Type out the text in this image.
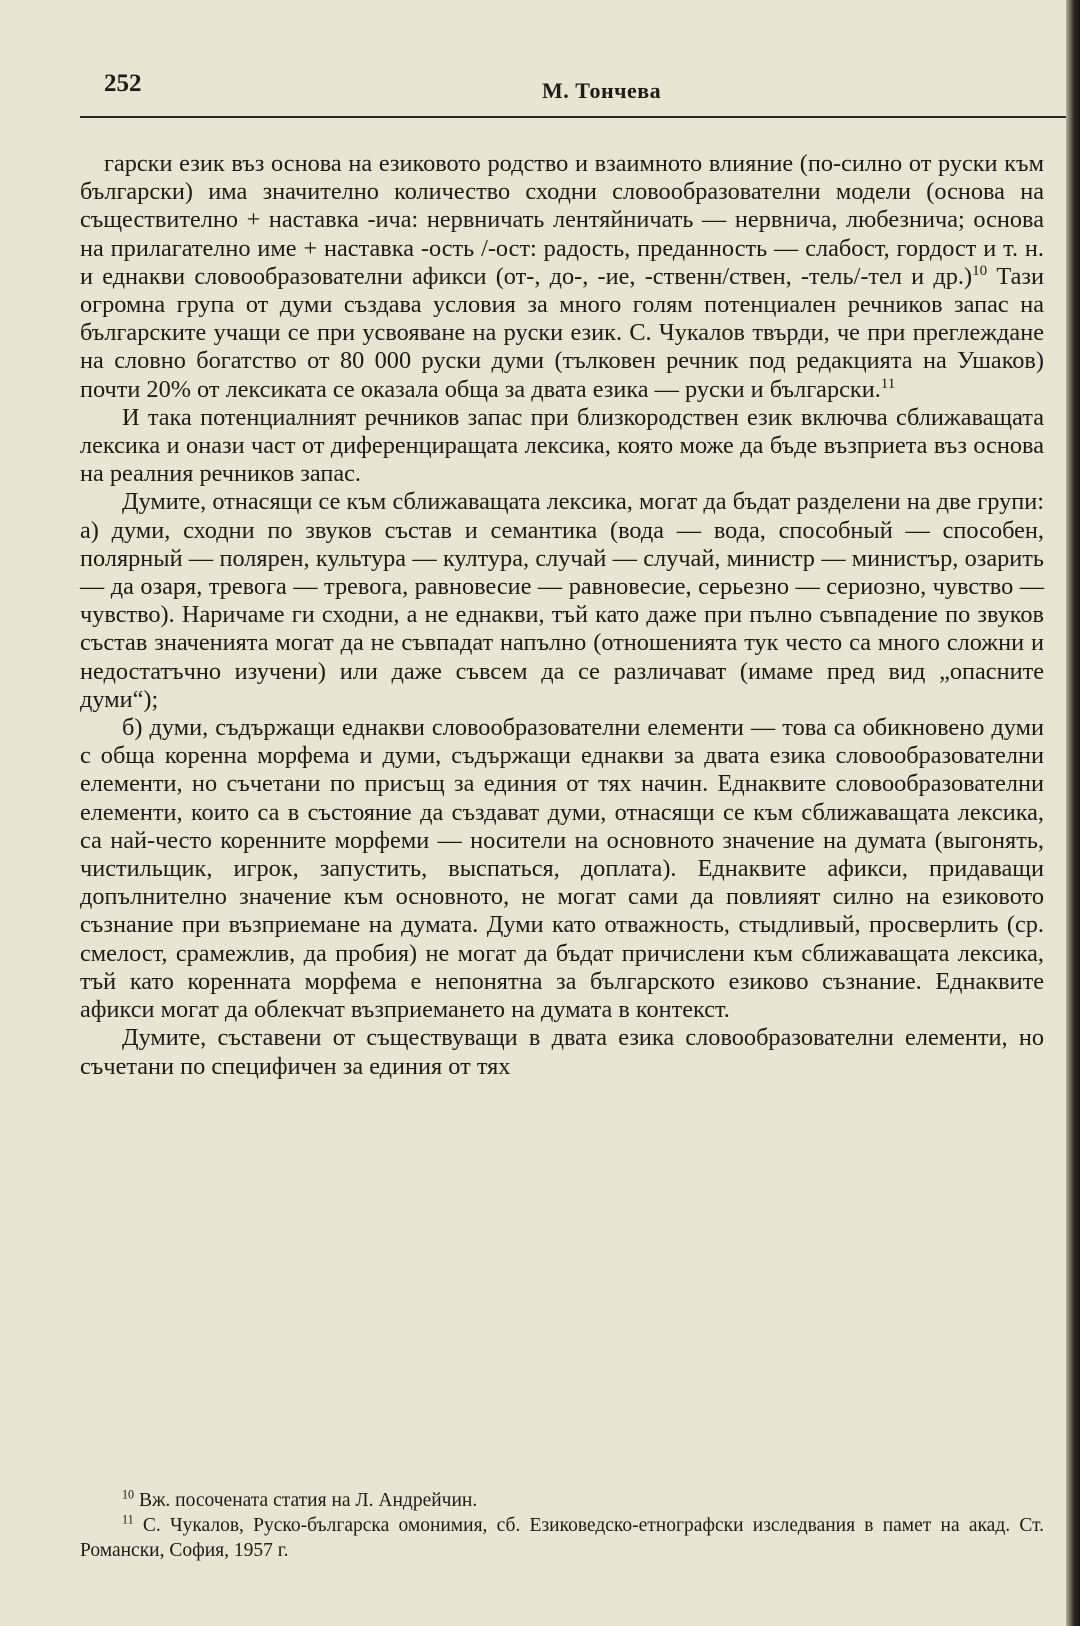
252	М. Тончева

гарски език въз основа на езиковото родство и взаимното влияние (по-силно от руски към български) има значително количество сходни словообразователни модели (основа на съществително + наставка -ича: нервничать лентяйничать — нервнича, любезнича; основа на прилагателно име + наставка -ость /-ост: радость, преданность — слабост, гордост и т. н. и еднакви словообразователни афикси (от-, до-, -ие, -ственн/ствен, -тель/-тел и др.)$^{10}$ Тази огромна група от думи създава условия за много голям потенциален речников запас на българските учащи се при усвояване на руски език. С. Чукалов твърди, че при преглеждане на словно богатство от 80 000 руски думи (тълковен речник под редакцията на Ушаков) почти 20% от лексиката се оказала обща за двата езика — руски и български.$^{11}$

И така потенциалният речников запас при близкородствен език включва сближаващата лексика и онази част от диференциращата лексика, която може да бъде възприета въз основа на реалния речников запас.

Думите, отнасящи се към сближаващата лексика, могат да бъдат разделени на две групи: а) думи, сходни по звуков състав и семантика (вода — вода, способный — способен, полярный — полярен, культура — култура, случай — случай, министр — министър, озарить — да озаря, тревога — тревога, равновесие — равновесие, серьезно — сериозно, чувство — чувство). Наричаме ги сходни, а не еднакви, тъй като даже при пълно съвпадение по звуков състав значенията могат да не съвпадат напълно (отношенията тук често са много сложни и недостатъчно изучени) или даже съвсем да се различават (имаме пред вид „опасните думи“);

б) думи, съдържащи еднакви словообразователни елементи — това са обикновено думи с обща коренна морфема и думи, съдържащи еднакви за двата езика словообразователни елементи, но съчетани по присъщ за единия от тях начин. Еднаквите словообразователни елементи, които са в състояние да създават думи, отнасящи се към сближаващата лексика, са най-често коренните морфеми — носители на основното значение на думата (выгонять, чистильщик, игрок, запустить, выспаться, доплата). Еднаквите афикси, придаващи допълнително значение към основното, не могат сами да повлияят силно на езиковото съзнание при възприемане на думата. Думи като отважность, стыдливый, просверлить (ср. смелост, срамежлив, да пробия) не могат да бъдат причислени към сближаващата лексика, тъй като коренната морфема е непонятна за българското езиково съзнание. Еднаквите афикси могат да облекчат възприемането на думата в контекст.

Думите, съставени от съществуващи в двата езика словообразователни елементи, но съчетани по специфичен за единия от тях

$^{10}$ Вж. посочената статия на Л. Андрейчин.

$^{11}$ С. Чукалов, Руско-българска омонимия, сб. Езиковедско-етнографски изследвания в памет на акад. Ст. Романски, София, 1957 г.
